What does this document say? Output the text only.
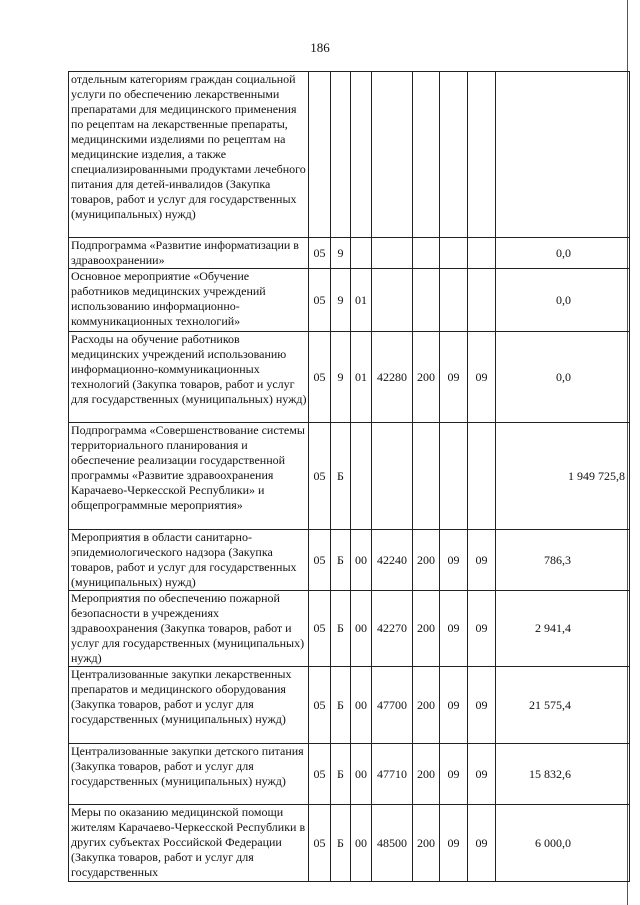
186
отдельным категориям граждан социальной услуги по обеспечению лекарственными препаратами для медицинского применения по рецептам на лекарственные препараты, медицинскими изделиями по рецептам на медицинские изделия, а также специализированными продуктами лечебного питания для детей-инвалидов (Закупка товаров, работ и услуг для государственных (муниципальных) нужд)								
Подпрограмма «Развитие информатизации в здравоохранении»	05	9						0,0
Основное мероприятие «Обучение работников медицинских учреждений использованию информационно-коммуникационных технологий»	05	9	01					0,0
Расходы на обучение работников медицинских учреждений использованию информационно-коммуникационных технологий (Закупка товаров, работ и услуг для государственных (муниципальных) нужд)	05	9	01	42280	200	09	09	0,0
Подпрограмма «Совершенствование системы территориального планирования и обеспечение реализации государственной программы «Развитие здравоохранения Карачаево-Черкесской Республики» и общепрограммные мероприятия»	05	Б						1 949 725,8
Мероприятия в области санитарно-эпидемиологического надзора (Закупка товаров, работ и услуг для государственных (муниципальных) нужд)	05	Б	00	42240	200	09	09	786,3
Мероприятия по обеспечению пожарной безопасности в учреждениях здравоохранения (Закупка товаров, работ и услуг для государственных (муниципальных) нужд)	05	Б	00	42270	200	09	09	2 941,4
Централизованные закупки лекарственных препаратов и медицинского оборудования (Закупка товаров, работ и услуг для государственных (муниципальных) нужд)	05	Б	00	47700	200	09	09	21 575,4
Централизованные закупки детского питания (Закупка товаров, работ и услуг для государственных (муниципальных) нужд)	05	Б	00	47710	200	09	09	15 832,6
Меры по оказанию медицинской помощи жителям Карачаево-Черкесской Республики в других субъектах Российской Федерации (Закупка товаров, работ и услуг для государственных	05	Б	00	48500	200	09	09	6 000,0
